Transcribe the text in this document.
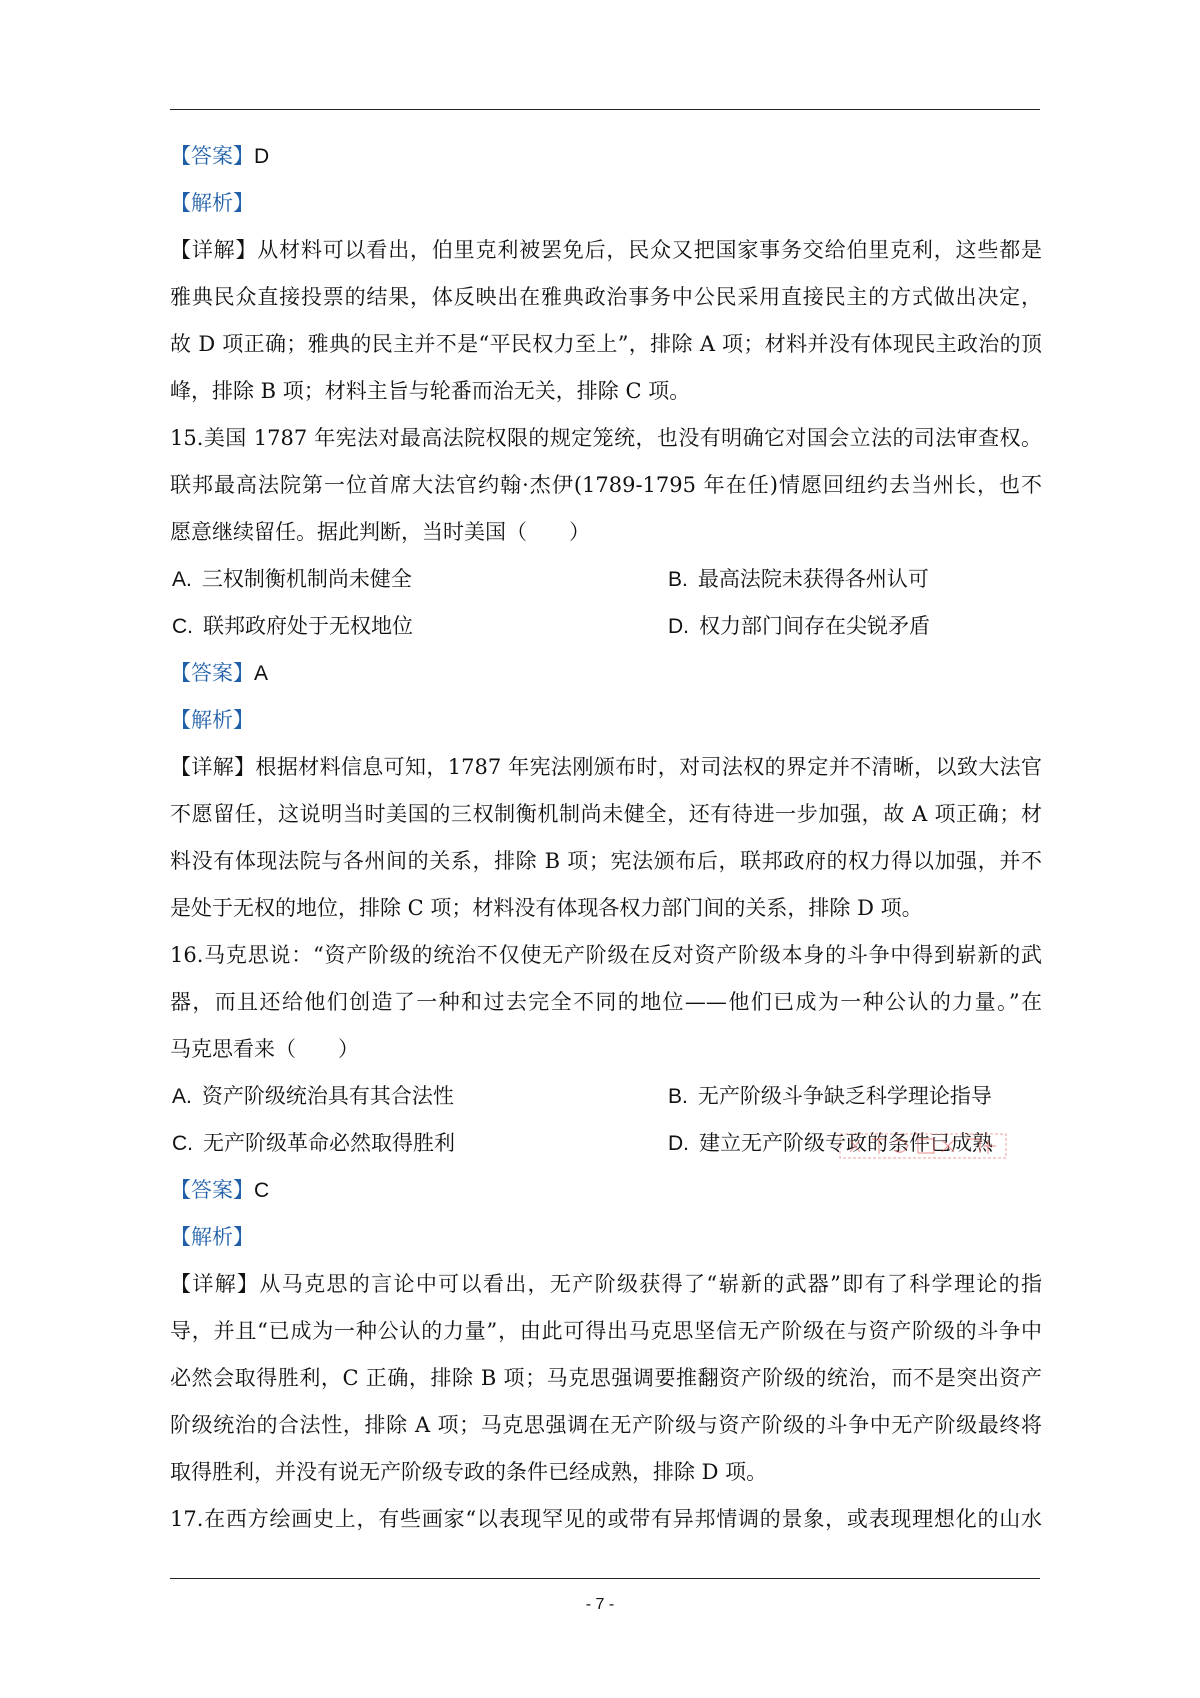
【答案】D
【解析】
【详解】从材料可以看出，伯里克利被罢免后，民众又把国家事务交给伯里克利，这些都是
雅典民众直接投票的结果，体反映出在雅典政治事务中公民采用直接民主的方式做出决定，
故 D 项正确；雅典的民主并不是“平民权力至上”，排除 A 项；材料并没有体现民主政治的顶
峰，排除 B 项；材料主旨与轮番而治无关，排除 C 项。
15.美国 1787 年宪法对最高法院权限的规定笼统，也没有明确它对国会立法的司法审查权。
联邦最高法院第一位首席大法官约翰·杰伊(1789-1795 年在任)情愿回纽约去当州长，也不
愿意继续留任。据此判断，当时美国（　　）
A. 三权制衡机制尚未健全	B. 最高法院未获得各州认可
C. 联邦政府处于无权地位	D. 权力部门间存在尖锐矛盾
【答案】A
【解析】
【详解】根据材料信息可知，1787 年宪法刚颁布时，对司法权的界定并不清晰，以致大法官
不愿留任，这说明当时美国的三权制衡机制尚未健全，还有待进一步加强，故 A 项正确；材
料没有体现法院与各州间的关系，排除 B 项；宪法颁布后，联邦政府的权力得以加强，并不
是处于无权的地位，排除 C 项；材料没有体现各权力部门间的关系，排除 D 项。
16.马克思说：“资产阶级的统治不仅使无产阶级在反对资产阶级本身的斗争中得到崭新的武
器，而且还给他们创造了一种和过去完全不同的地位——他们已成为一种公认的力量。”在
马克思看来（　　）
A. 资产阶级统治具有其合法性	B. 无产阶级斗争缺乏科学理论指导
C. 无产阶级革命必然取得胜利	D. 建立无产阶级专政的条件已成熟
【答案】C
【解析】
【详解】从马克思的言论中可以看出，无产阶级获得了“崭新的武器”即有了科学理论的指
导，并且“已成为一种公认的力量”，由此可得出马克思坚信无产阶级在与资产阶级的斗争中
必然会取得胜利，C 正确，排除 B 项；马克思强调要推翻资产阶级的统治，而不是突出资产
阶级统治的合法性，排除 A 项；马克思强调在无产阶级与资产阶级的斗争中无产阶级最终将
取得胜利，并没有说无产阶级专政的条件已经成熟，排除 D 项。
17.在西方绘画史上，有些画家“以表现罕见的或带有异邦情调的景象，或表现理想化的山水
- 7 -
